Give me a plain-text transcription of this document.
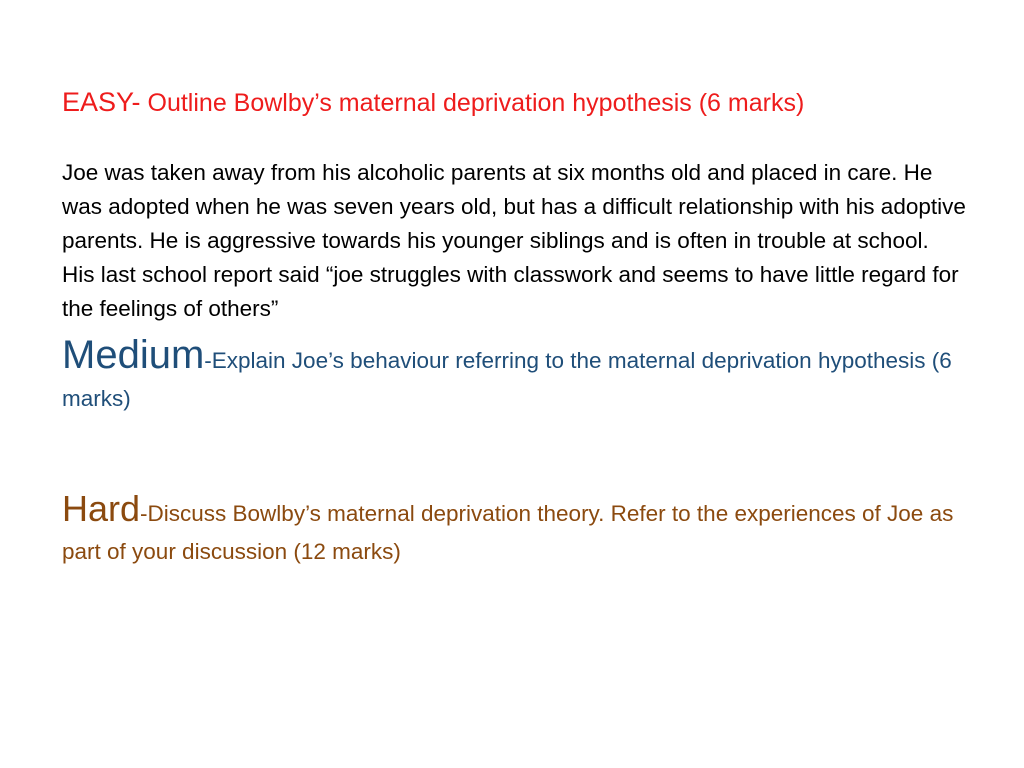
EASY- Outline Bowlby’s maternal deprivation hypothesis (6 marks)

Joe was taken away from his alcoholic parents at six months old and placed in care. He was adopted when he was seven years old, but has a difficult relationship with his adoptive parents. He is aggressive towards his younger siblings and is often in trouble at school. His last school report said “joe struggles with classwork and seems to have little regard for the feelings of others”

Medium-Explain Joe’s behaviour referring to the maternal deprivation hypothesis (6 marks)

Hard-Discuss Bowlby’s maternal deprivation theory. Refer to the experiences of Joe as part of your discussion (12 marks)
